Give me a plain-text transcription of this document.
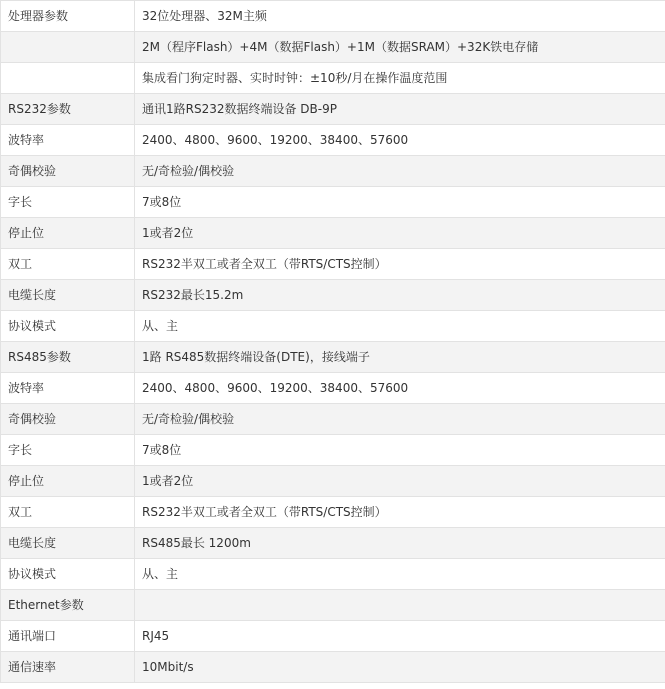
处理器参数	32位处理器、32M主频
	2M（程序Flash）+4M（数据Flash）+1M（数据SRAM）+32K铁电存储
	集成看门狗定时器、实时时钟：±10秒/月在操作温度范围
RS232参数	通讯1路RS232数据终端设备 DB-9P
波特率	2400、4800、9600、19200、38400、57600
奇偶校验	无/奇检验/偶校验
字长	7或8位
停止位	1或者2位
双工	RS232半双工或者全双工（带RTS/CTS控制）
电缆长度	RS232最长15.2m
协议模式	从、主
RS485参数	1路 RS485数据终端设备(DTE)，接线端子
波特率	2400、4800、9600、19200、38400、57600
奇偶校验	无/奇检验/偶校验
字长	7或8位
停止位	1或者2位
双工	RS232半双工或者全双工（带RTS/CTS控制）
电缆长度	RS485最长 1200m
协议模式	从、主
Ethernet参数	
通讯端口	RJ45
通信速率	10Mbit/s
